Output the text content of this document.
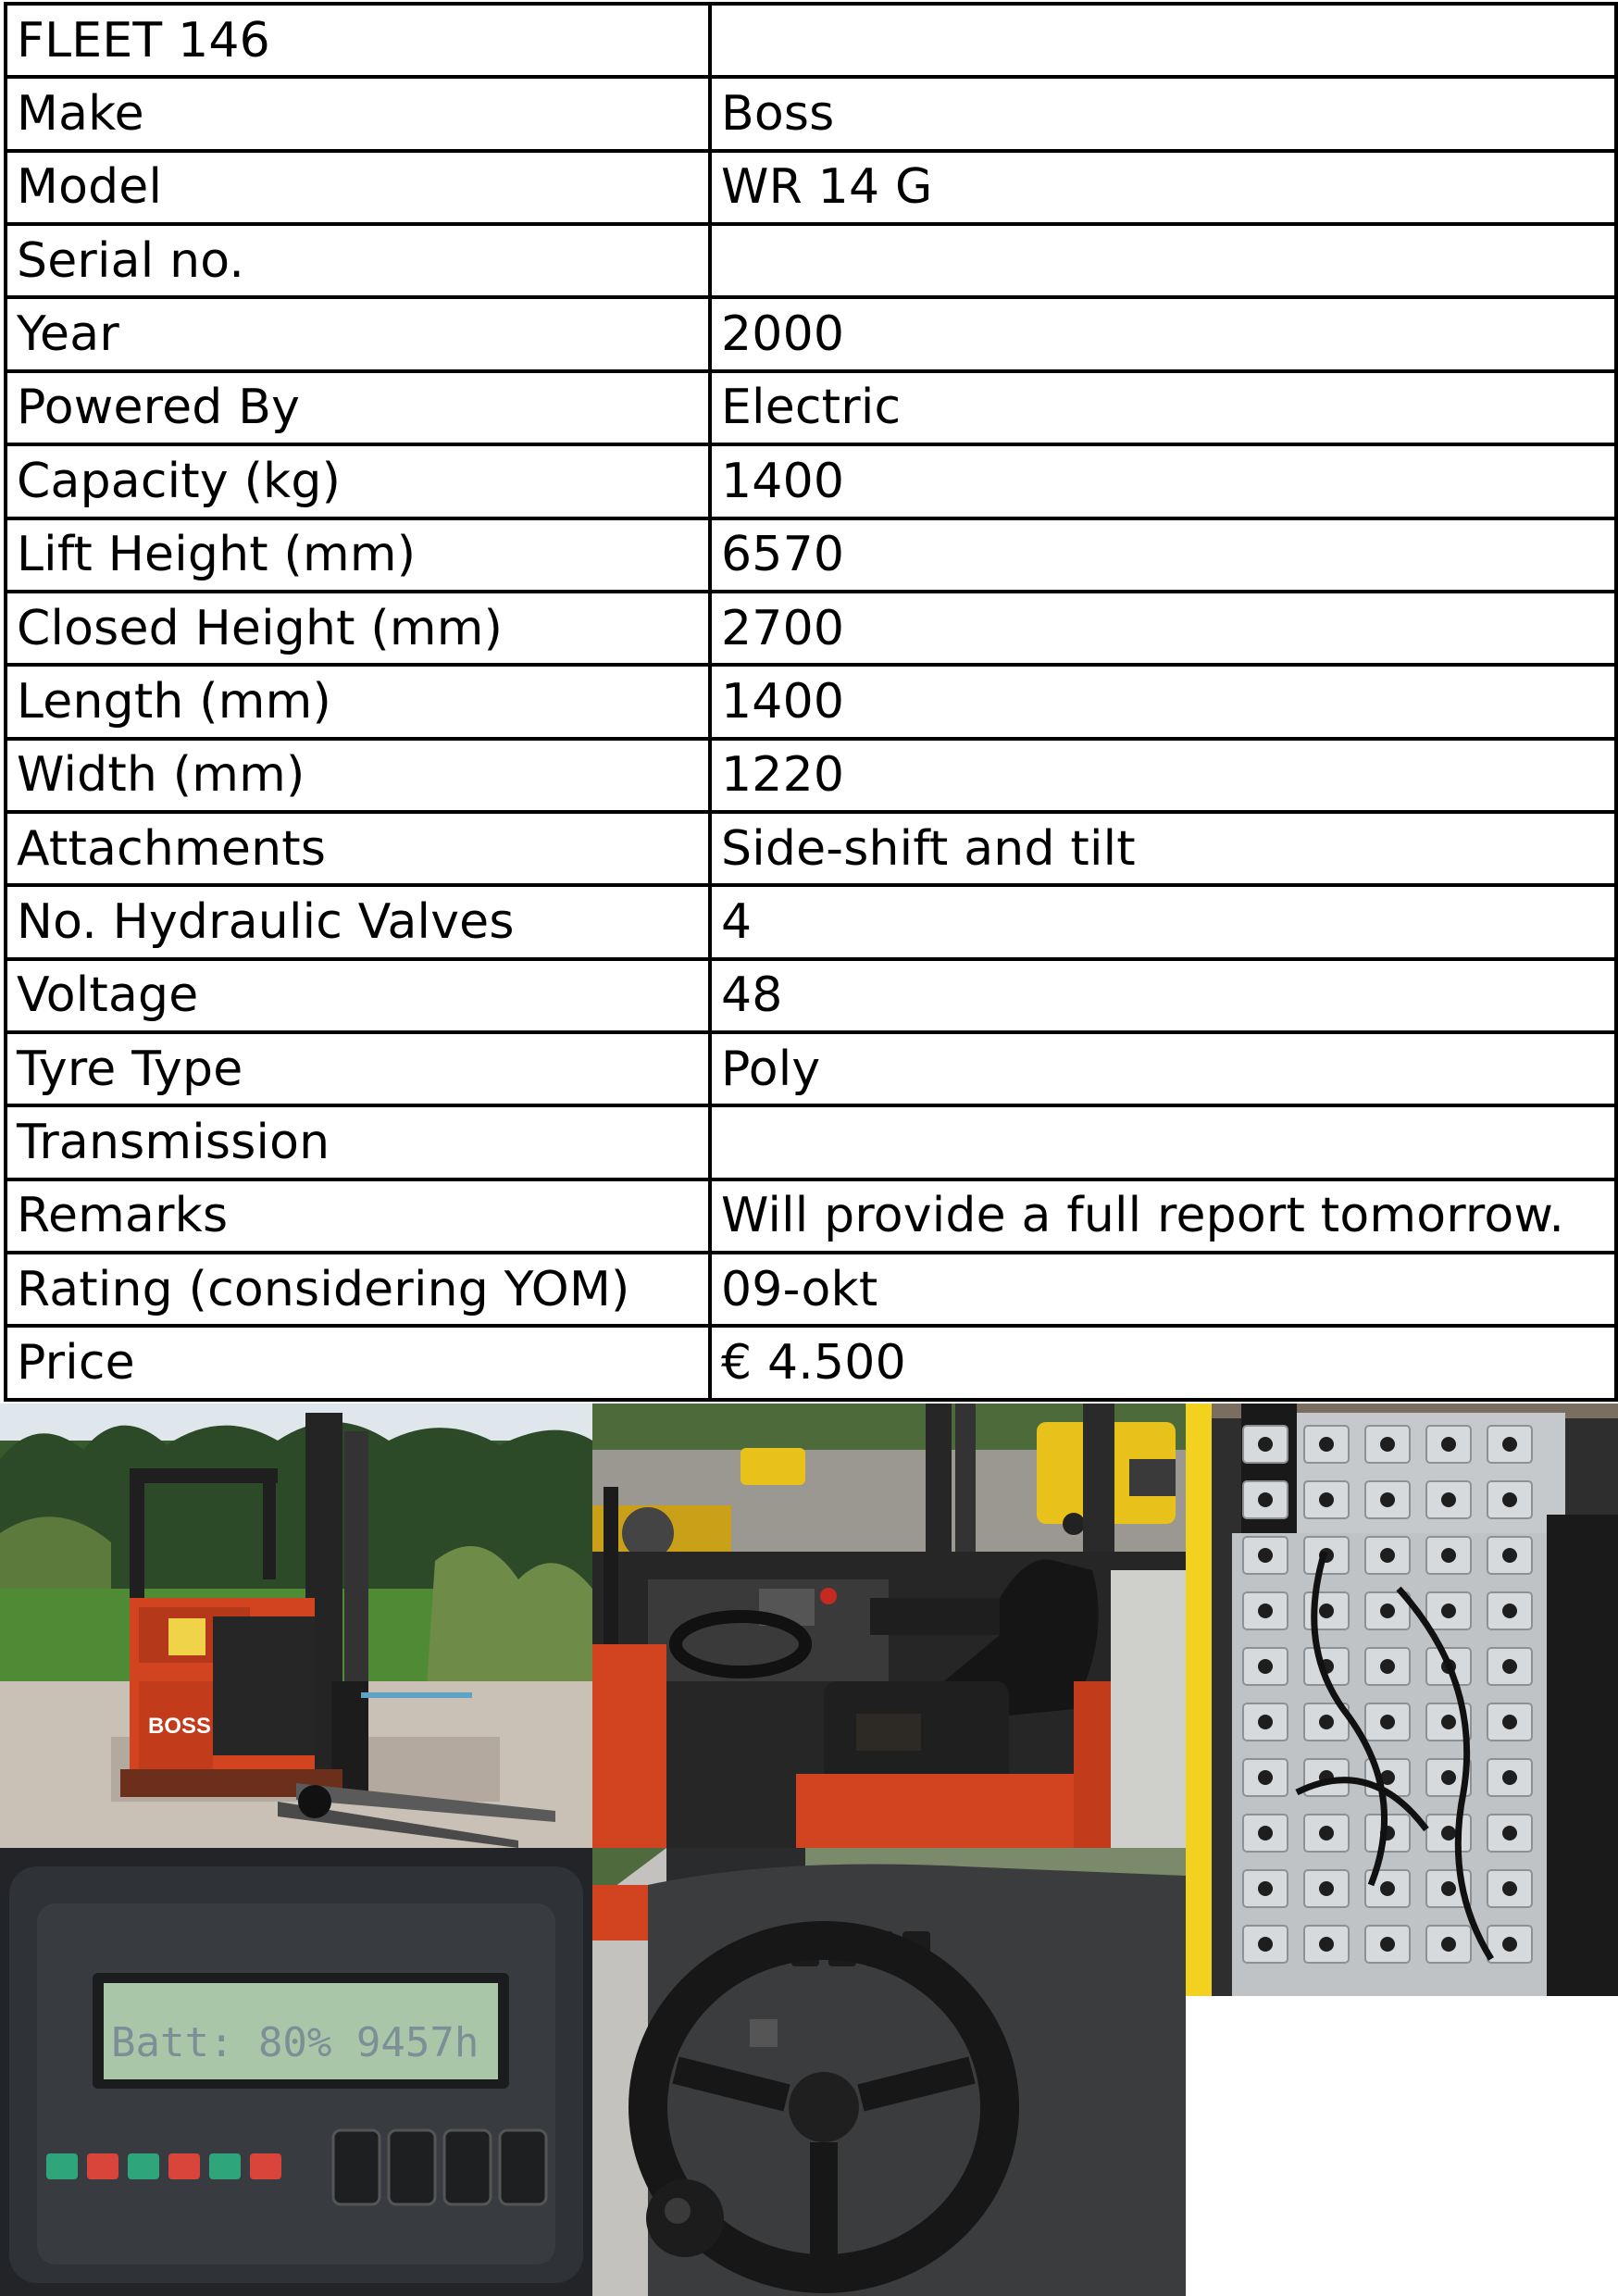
FLEET 146	
Make	Boss
Model	WR 14 G
Serial no.	
Year	2000
Powered By	Electric
Capacity (kg)	1400
Lift Height (mm)	6570
Closed Height (mm)	2700
Length (mm)	1400
Width (mm)	1220
Attachments	Side-shift and tilt
No. Hydraulic Valves	4
Voltage	48
Tyre Type	Poly
Transmission	
Remarks	Will provide a full report tomorrow.
Rating (considering YOM)	09-okt
Price	€ 4.500
BOSS
Batt: 80% 9457h
